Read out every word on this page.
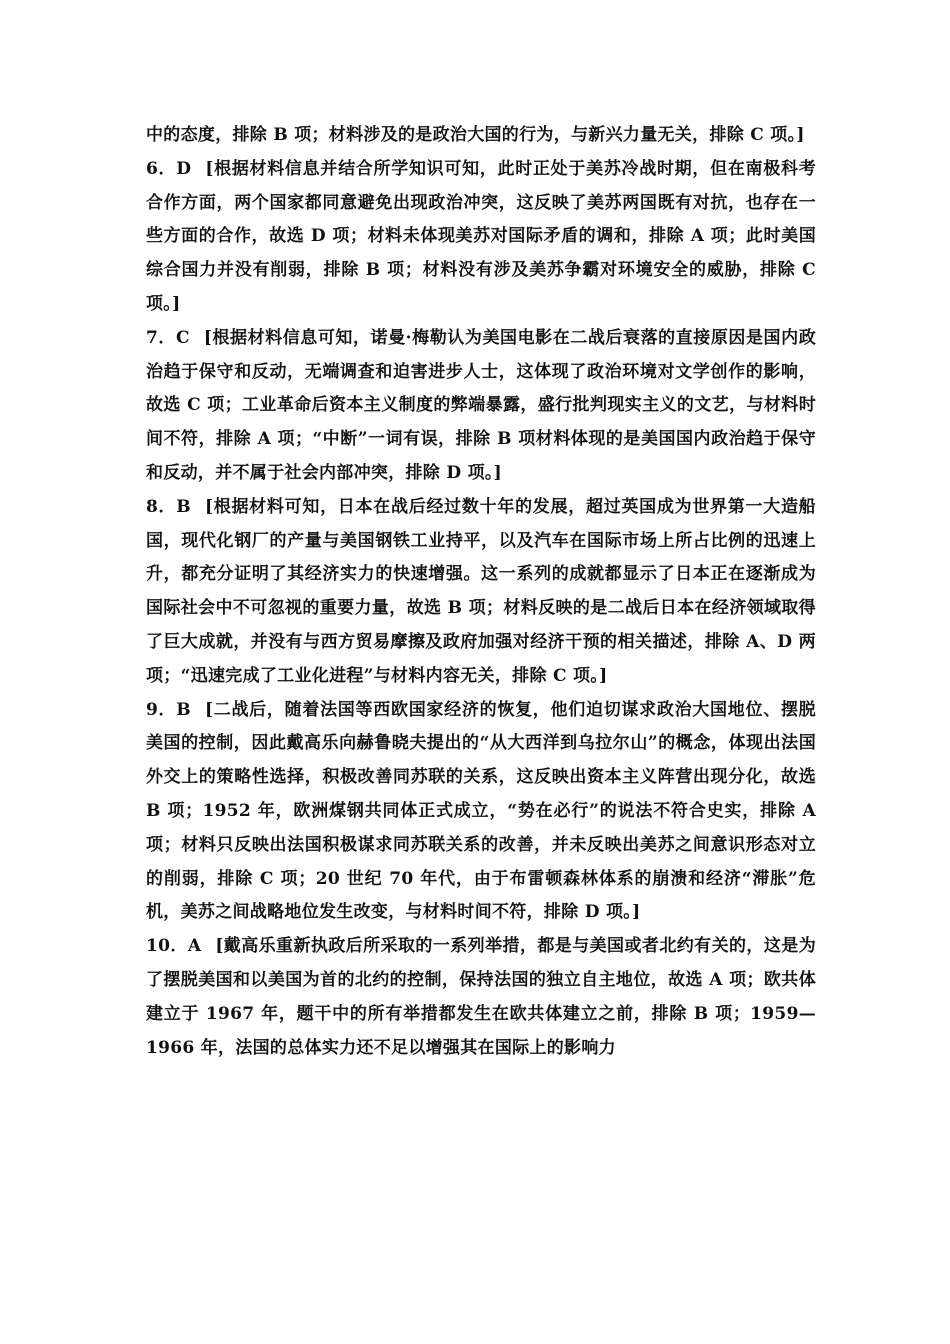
中的态度，排除 B 项；材料涉及的是政治大国的行为，与新兴力量无关，排除 C 项。]

6．D [根据材料信息并结合所学知识可知，此时正处于美苏冷战时期，但在南极科考合作方面，两个国家都同意避免出现政治冲突，这反映了美苏两国既有对抗，也存在一些方面的合作，故选 D 项；材料未体现美苏对国际矛盾的调和，排除 A 项；此时美国综合国力并没有削弱，排除 B 项；材料没有涉及美苏争霸对环境安全的威胁，排除 C 项。]

7．C [根据材料信息可知，诺曼·梅勒认为美国电影在二战后衰落的直接原因是国内政治趋于保守和反动，无端调查和迫害进步人士，这体现了政治环境对文学创作的影响，故选 C 项；工业革命后资本主义制度的弊端暴露，盛行批判现实主义的文艺，与材料时间不符，排除 A 项；“中断”一词有误，排除 B 项材料体现的是美国国内政治趋于保守和反动，并不属于社会内部冲突，排除 D 项。]

8．B [根据材料可知，日本在战后经过数十年的发展，超过英国成为世界第一大造船国，现代化钢厂的产量与美国钢铁工业持平，以及汽车在国际市场上所占比例的迅速上升，都充分证明了其经济实力的快速增强。这一系列的成就都显示了日本正在逐渐成为国际社会中不可忽视的重要力量，故选 B 项；材料反映的是二战后日本在经济领域取得了巨大成就，并没有与西方贸易摩擦及政府加强对经济干预的相关描述，排除 A、D 两项；“迅速完成了工业化进程”与材料内容无关，排除 C 项。]

9．B [二战后，随着法国等西欧国家经济的恢复，他们迫切谋求政治大国地位、摆脱美国的控制，因此戴高乐向赫鲁晓夫提出的“从大西洋到乌拉尔山”的概念，体现出法国外交上的策略性选择，积极改善同苏联的关系，这反映出资本主义阵营出现分化，故选 B 项；1952 年，欧洲煤钢共同体正式成立，“势在必行”的说法不符合史实，排除 A 项；材料只反映出法国积极谋求同苏联关系的改善，并未反映出美苏之间意识形态对立的削弱，排除 C 项；20 世纪 70 年代，由于布雷顿森林体系的崩溃和经济“滞胀”危机，美苏之间战略地位发生改变，与材料时间不符，排除 D 项。]

10．A [戴高乐重新执政后所采取的一系列举措，都是与美国或者北约有关的，这是为了摆脱美国和以美国为首的北约的控制，保持法国的独立自主地位，故选 A 项；欧共体建立于 1967 年，题干中的所有举措都发生在欧共体建立之前，排除 B 项；1959—1966 年，法国的总体实力还不足以增强其在国际上的影响力
